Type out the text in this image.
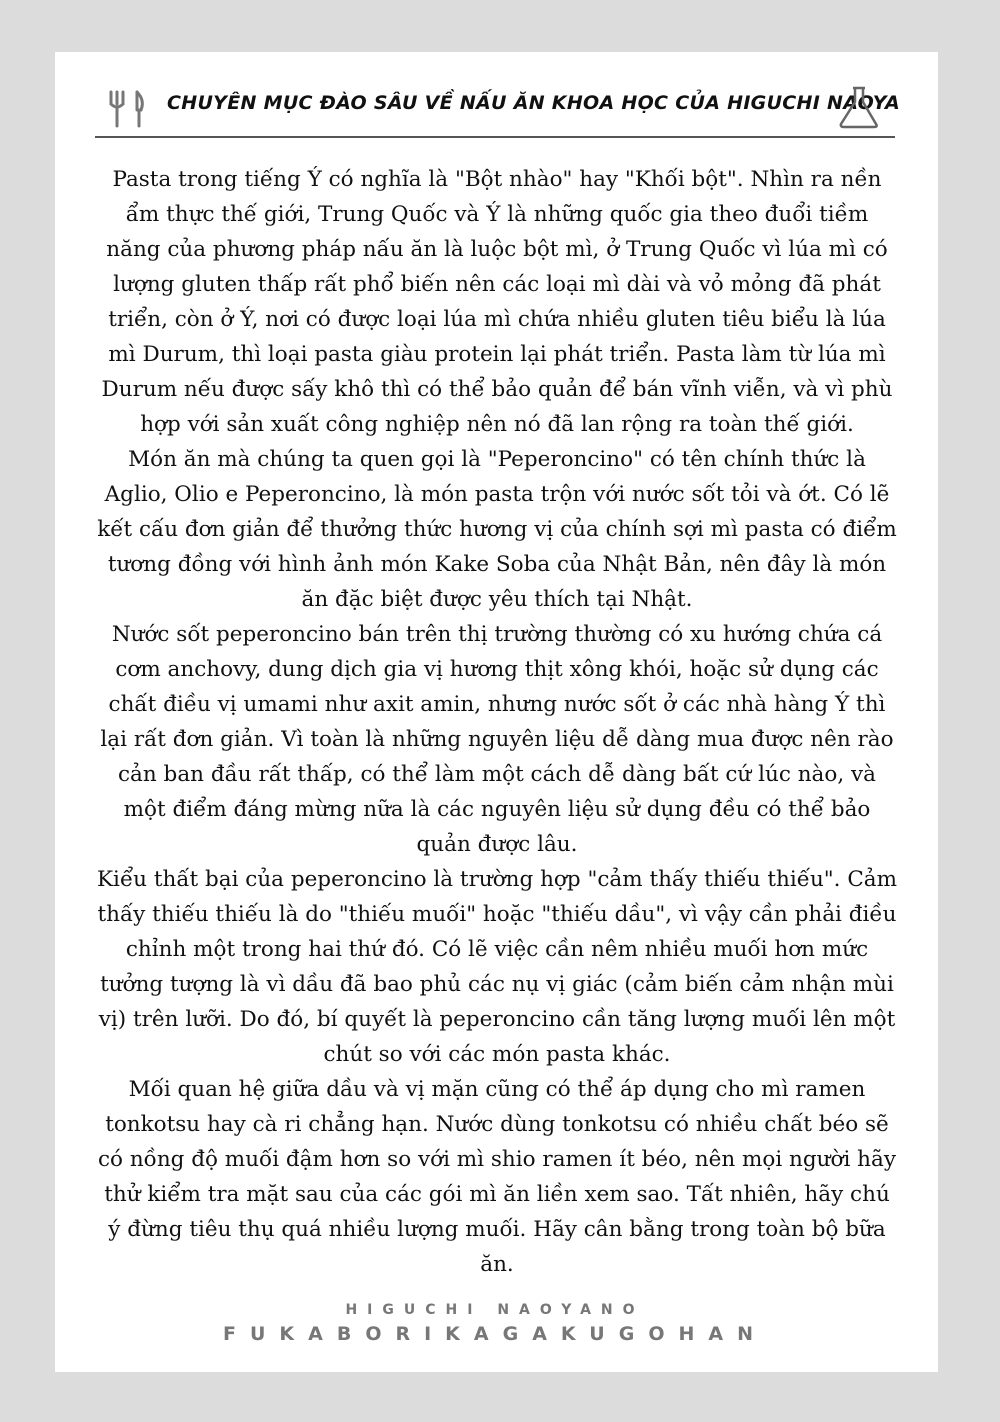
CHUYÊN MỤC ĐÀO SÂU VỀ NẤU ĂN KHOA HỌC CỦA HIGUCHI NAOYA

Pasta trong tiếng Ý có nghĩa là "Bột nhào" hay "Khối bột". Nhìn ra nền ẩm thực thế giới, Trung Quốc và Ý là những quốc gia theo đuổi tiềm năng của phương pháp nấu ăn là luộc bột mì, ở Trung Quốc vì lúa mì có lượng gluten thấp rất phổ biến nên các loại mì dài và vỏ mỏng đã phát triển, còn ở Ý, nơi có được loại lúa mì chứa nhiều gluten tiêu biểu là lúa mì Durum, thì loại pasta giàu protein lại phát triển. Pasta làm từ lúa mì Durum nếu được sấy khô thì có thể bảo quản để bán vĩnh viễn, và vì phù hợp với sản xuất công nghiệp nên nó đã lan rộng ra toàn thế giới.

Món ăn mà chúng ta quen gọi là "Peperoncino" có tên chính thức là Aglio, Olio e Peperoncino, là món pasta trộn với nước sốt tỏi và ớt. Có lẽ kết cấu đơn giản để thưởng thức hương vị của chính sợi mì pasta có điểm tương đồng với hình ảnh món Kake Soba của Nhật Bản, nên đây là món ăn đặc biệt được yêu thích tại Nhật.

Nước sốt peperoncino bán trên thị trường thường có xu hướng chứa cá cơm anchovy, dung dịch gia vị hương thịt xông khói, hoặc sử dụng các chất điều vị umami như axit amin, nhưng nước sốt ở các nhà hàng Ý thì lại rất đơn giản. Vì toàn là những nguyên liệu dễ dàng mua được nên rào cản ban đầu rất thấp, có thể làm một cách dễ dàng bất cứ lúc nào, và một điểm đáng mừng nữa là các nguyên liệu sử dụng đều có thể bảo quản được lâu.

Kiểu thất bại của peperoncino là trường hợp "cảm thấy thiếu thiếu". Cảm thấy thiếu thiếu là do "thiếu muối" hoặc "thiếu dầu", vì vậy cần phải điều chỉnh một trong hai thứ đó. Có lẽ việc cần nêm nhiều muối hơn mức tưởng tượng là vì dầu đã bao phủ các nụ vị giác (cảm biến cảm nhận mùi vị) trên lưỡi. Do đó, bí quyết là peperoncino cần tăng lượng muối lên một chút so với các món pasta khác.

Mối quan hệ giữa dầu và vị mặn cũng có thể áp dụng cho mì ramen tonkotsu hay cà ri chẳng hạn. Nước dùng tonkotsu có nhiều chất béo sẽ có nồng độ muối đậm hơn so với mì shio ramen ít béo, nên mọi người hãy thử kiểm tra mặt sau của các gói mì ăn liền xem sao. Tất nhiên, hãy chú ý đừng tiêu thụ quá nhiều lượng muối. Hãy cân bằng trong toàn bộ bữa ăn.

HIGUCHI NAOYANO
FUKABORIKAGAKUGOHAN
